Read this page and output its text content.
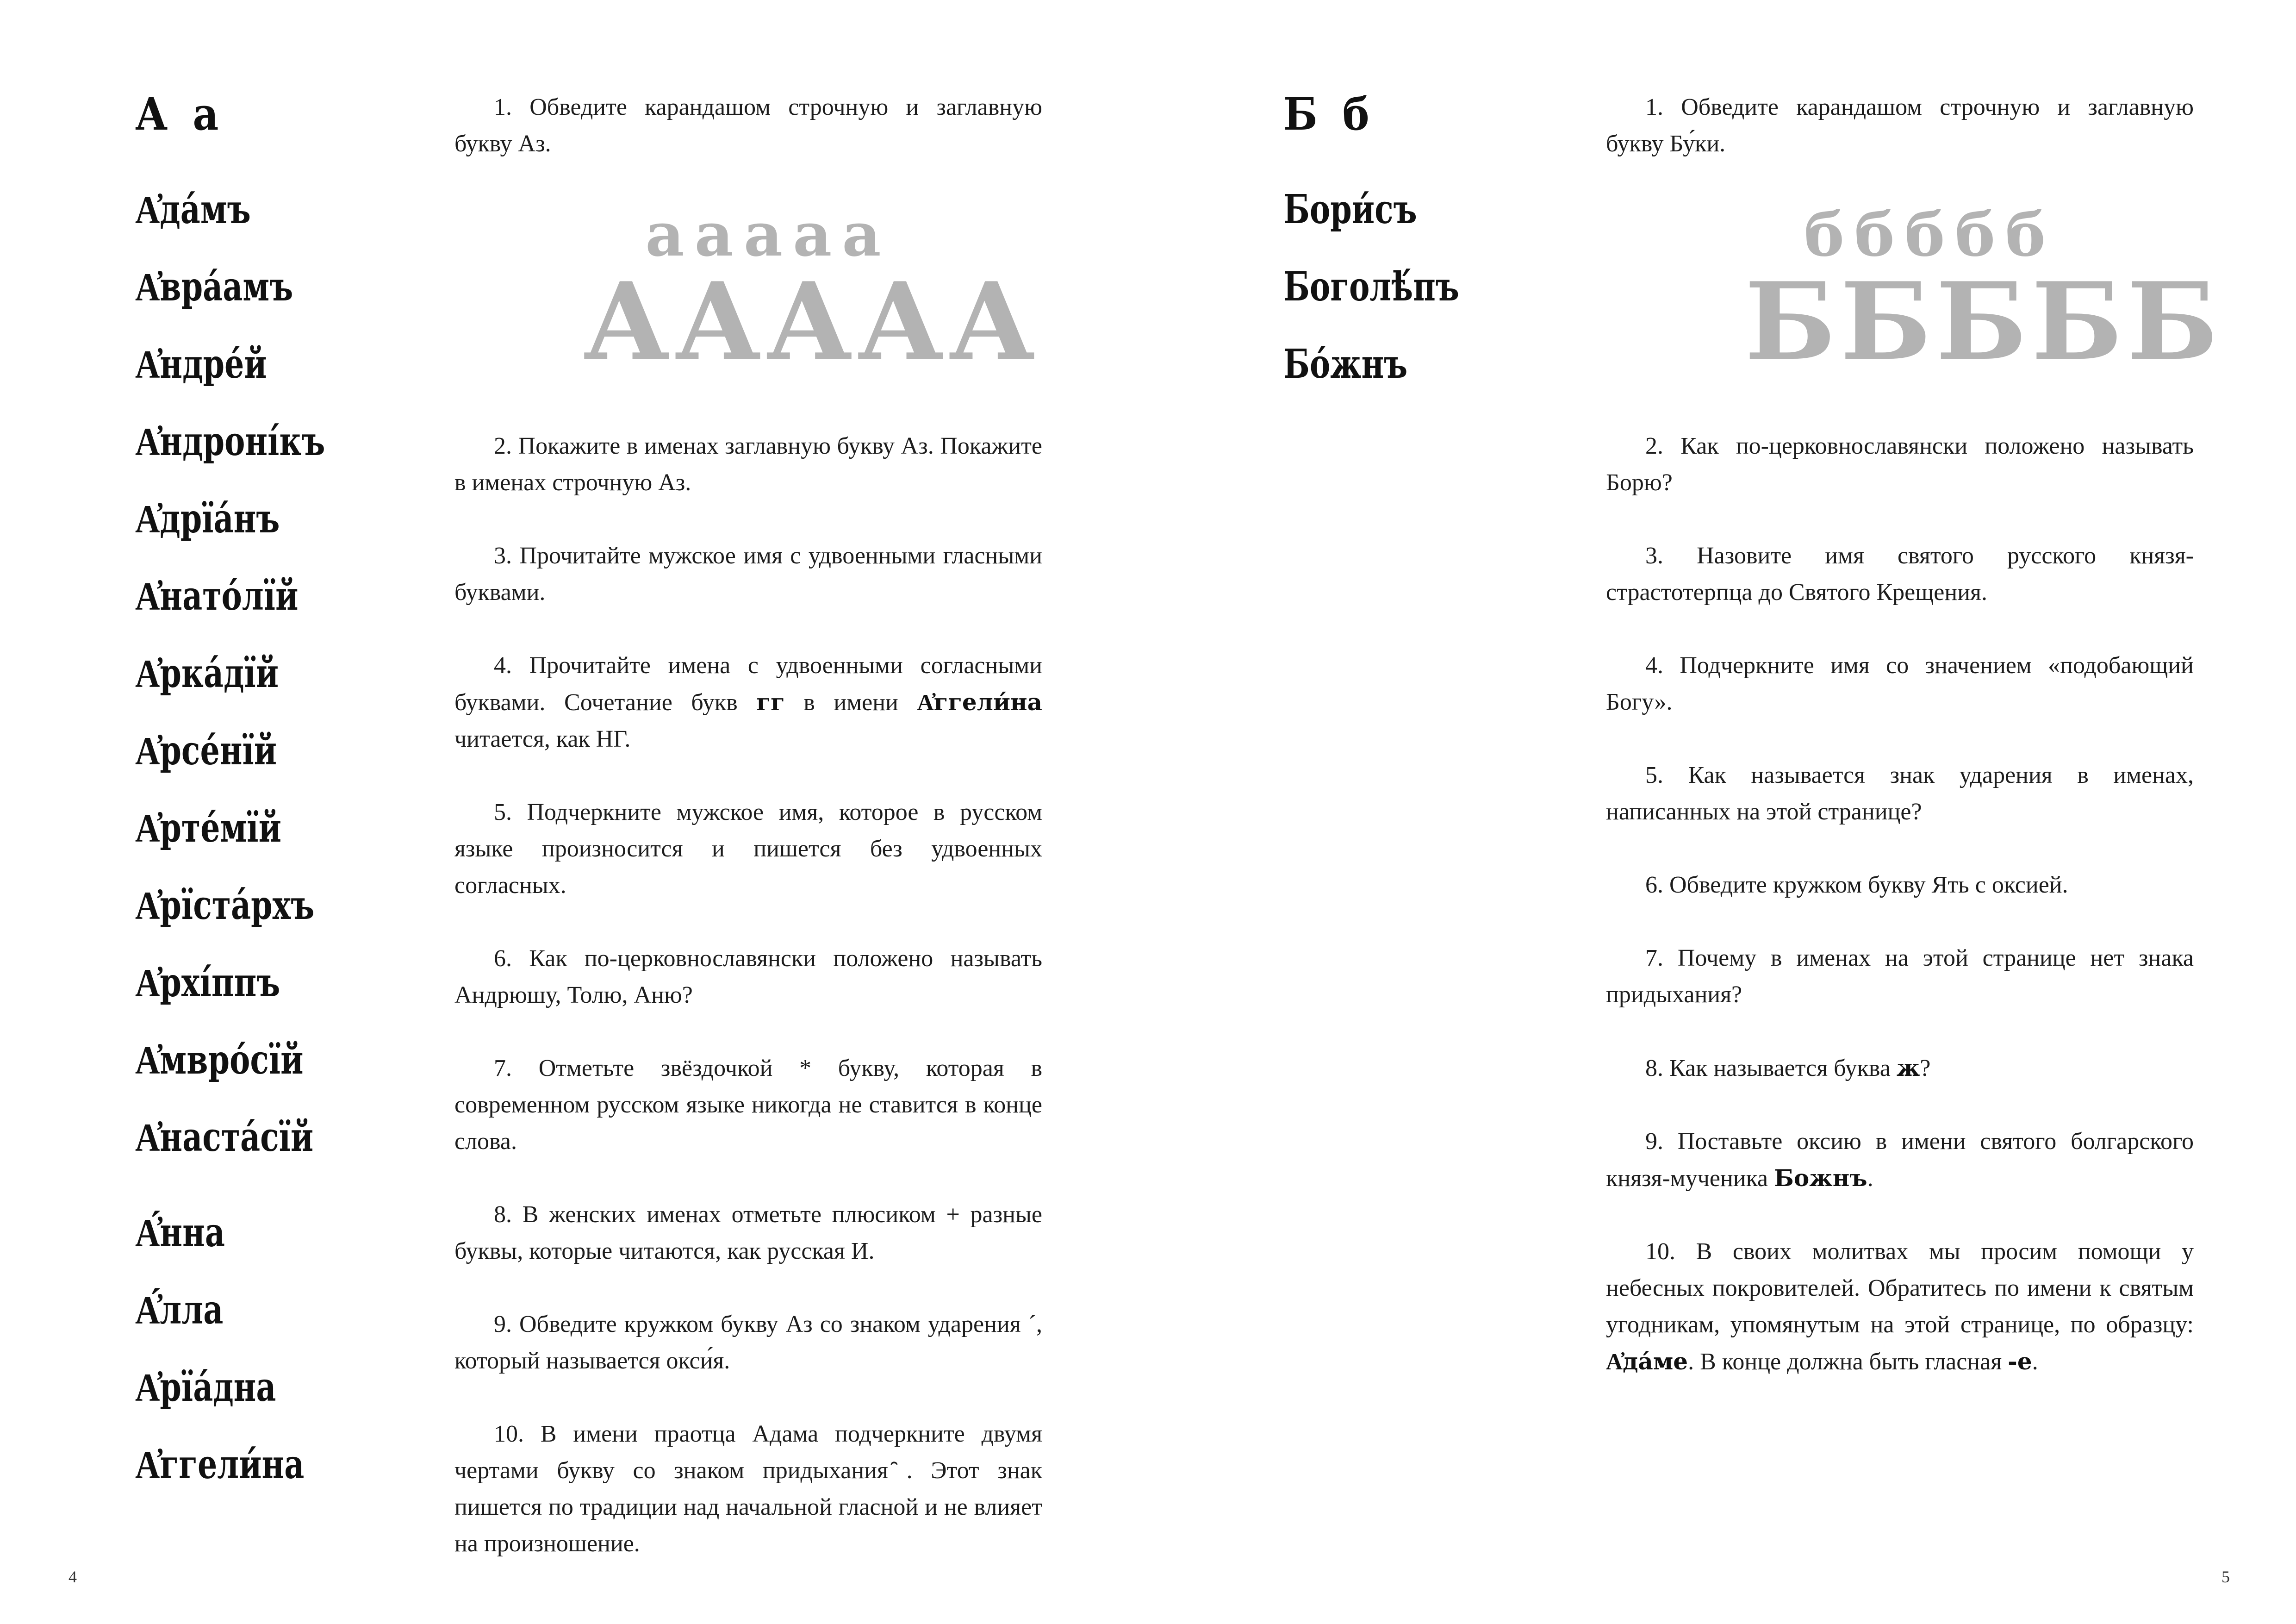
А а
А҆да́мъ
А҆вра́амъ
А҆ндре́й
А҆ндроні́къ
А҆дрїа́нъ
А҆нато́лїй
А҆рка́дїй
А҆рсе́нїй
А҆рте́мїй
А҆рїста́рхъ
А҆рхі́ппъ
А҆мвро́сїй
А҆наста́сїй
А҆́нна
А҆́лла
А҆рїа́дна
А҆ггели́на
ааааа
ААААА

1. Обведите карандашом строчную и заглавную букву Аз.

2. Покажите в именах заглавную букву Аз. Покажите в именах строчную Аз.

3. Прочитайте мужское имя с удвоенными гласными буквами.

4. Прочитайте имена с удвоенными согласными буквами. Сочетание букв гг в имени А҆ггели́на читается, как НГ.

5. Подчеркните мужское имя, которое в русском языке произносится и пишется без удвоенных согласных.

6. Как по-церковнославянски положено называть Андрюшу, Толю, Аню?

7. Отметьте звёздочкой * букву, которая в современном русском языке никогда не ставится в конце слова.

8. В женских именах отметьте плюсиком + разные буквы, которые читаются, как русская И.

9. Обведите кружком букву Аз со знаком ударения ´, который называется окси́я.

10. В имени праотца Адама подчеркните двумя чертами букву со знаком придыхания ̑. Этот знак пишется по традиции над начальной гласной и не влияет на произношение.

4
Б б
Бори́съ
Боголѣ́пъ
Бо́жнъ
ббббб
БББББ

1. Обведите карандашом строчную и заглавную букву Бу́ки.

2. Как по-церковнославянски положено называть Борю?

3. Назовите имя святого русского князя-страстотерпца до Святого Крещения.

4. Подчеркните имя со значением «подобающий Богу».

5. Как называется знак ударения в именах, написанных на этой странице?

6. Обведите кружком букву Ять с оксией.

7. Почему в именах на этой странице нет знака придыхания?

8. Как называется буква ж?

9. Поставьте оксию в имени святого болгарского князя-мученика Божнъ.

10. В своих молитвах мы просим помощи у небесных покровителей. Обратитесь по имени к святым угодникам, упомянутым на этой странице, по образцу: А҆да́ме. В конце должна быть гласная -е.

5
